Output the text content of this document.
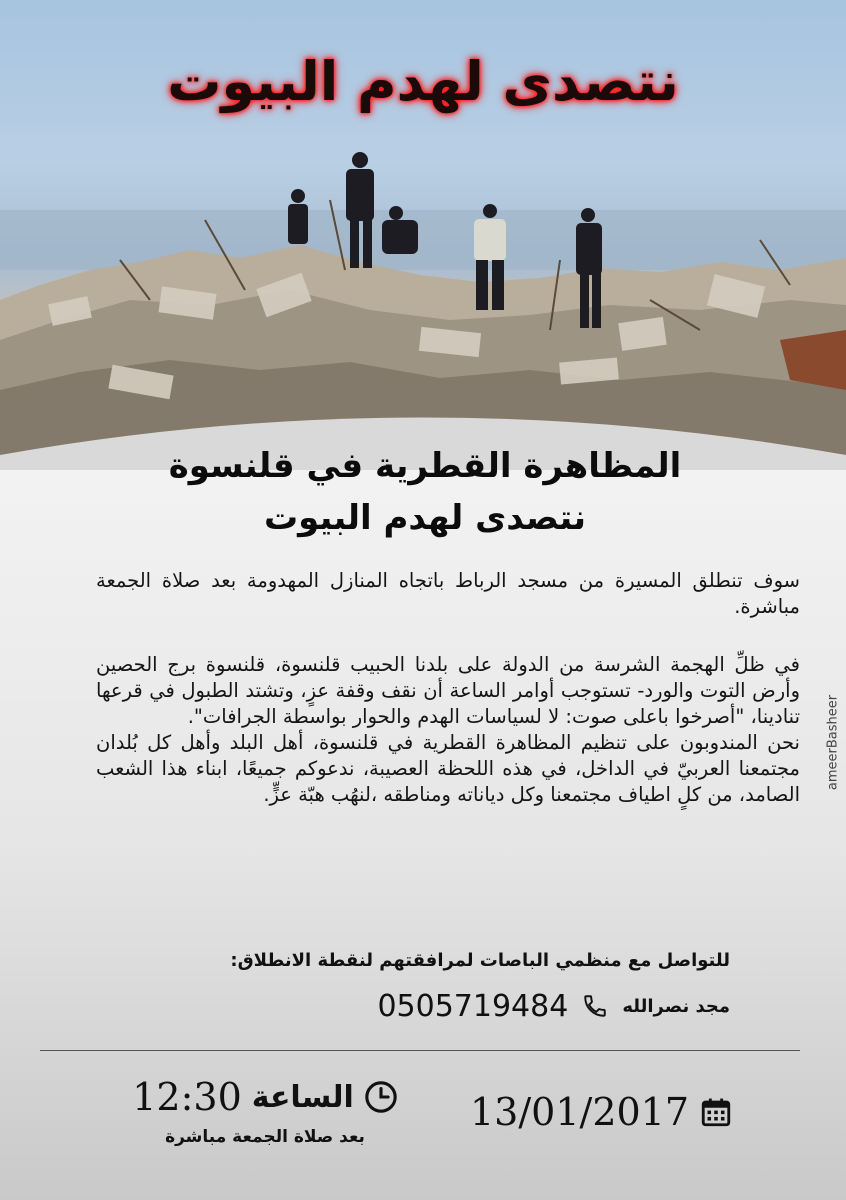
نتصدى لهدم البيوت
المظاهرة القطرية في قلنسوة
نتصدى لهدم البيوت

سوف تنطلق المسيرة من مسجد الرباط باتجاه المنازل المهدومة بعد صلاة الجمعة مباشرة.

في ظلِّ الهجمة الشرسة من الدولة على بلدنا الحبيب قلنسوة، قلنسوة برج الحصين وأرض التوت والورد- تستوجب أوامر الساعة أن نقف وقفة عزٍ، وتشتد الطبول في قرعها تنادينا، "أصرخوا باعلى صوت: لا لسياسات الهدم والحوار بواسطة الجرافات".

نحن المندوبون على تنظيم المظاهرة القطرية في قلنسوة، أهل البلد وأهل كل بُلدان مجتمعنا العربيّ في الداخل، في هذه اللحظة العصيبة، ندعوكم جميعًا، ابناء هذا الشعب الصامد، من كلٍ اطياف مجتمعنا وكل دياناته ومناطقه ،لنهُب هبّة عزٍّ.

ameerBasheer
للتواصل مع منظمي الباصات لمرافقتهم لنقطة الانطلاق:
مجد نصرالله
0505719484
الساعة
12:30
بعد صلاة الجمعة مباشرة
13/01/2017
